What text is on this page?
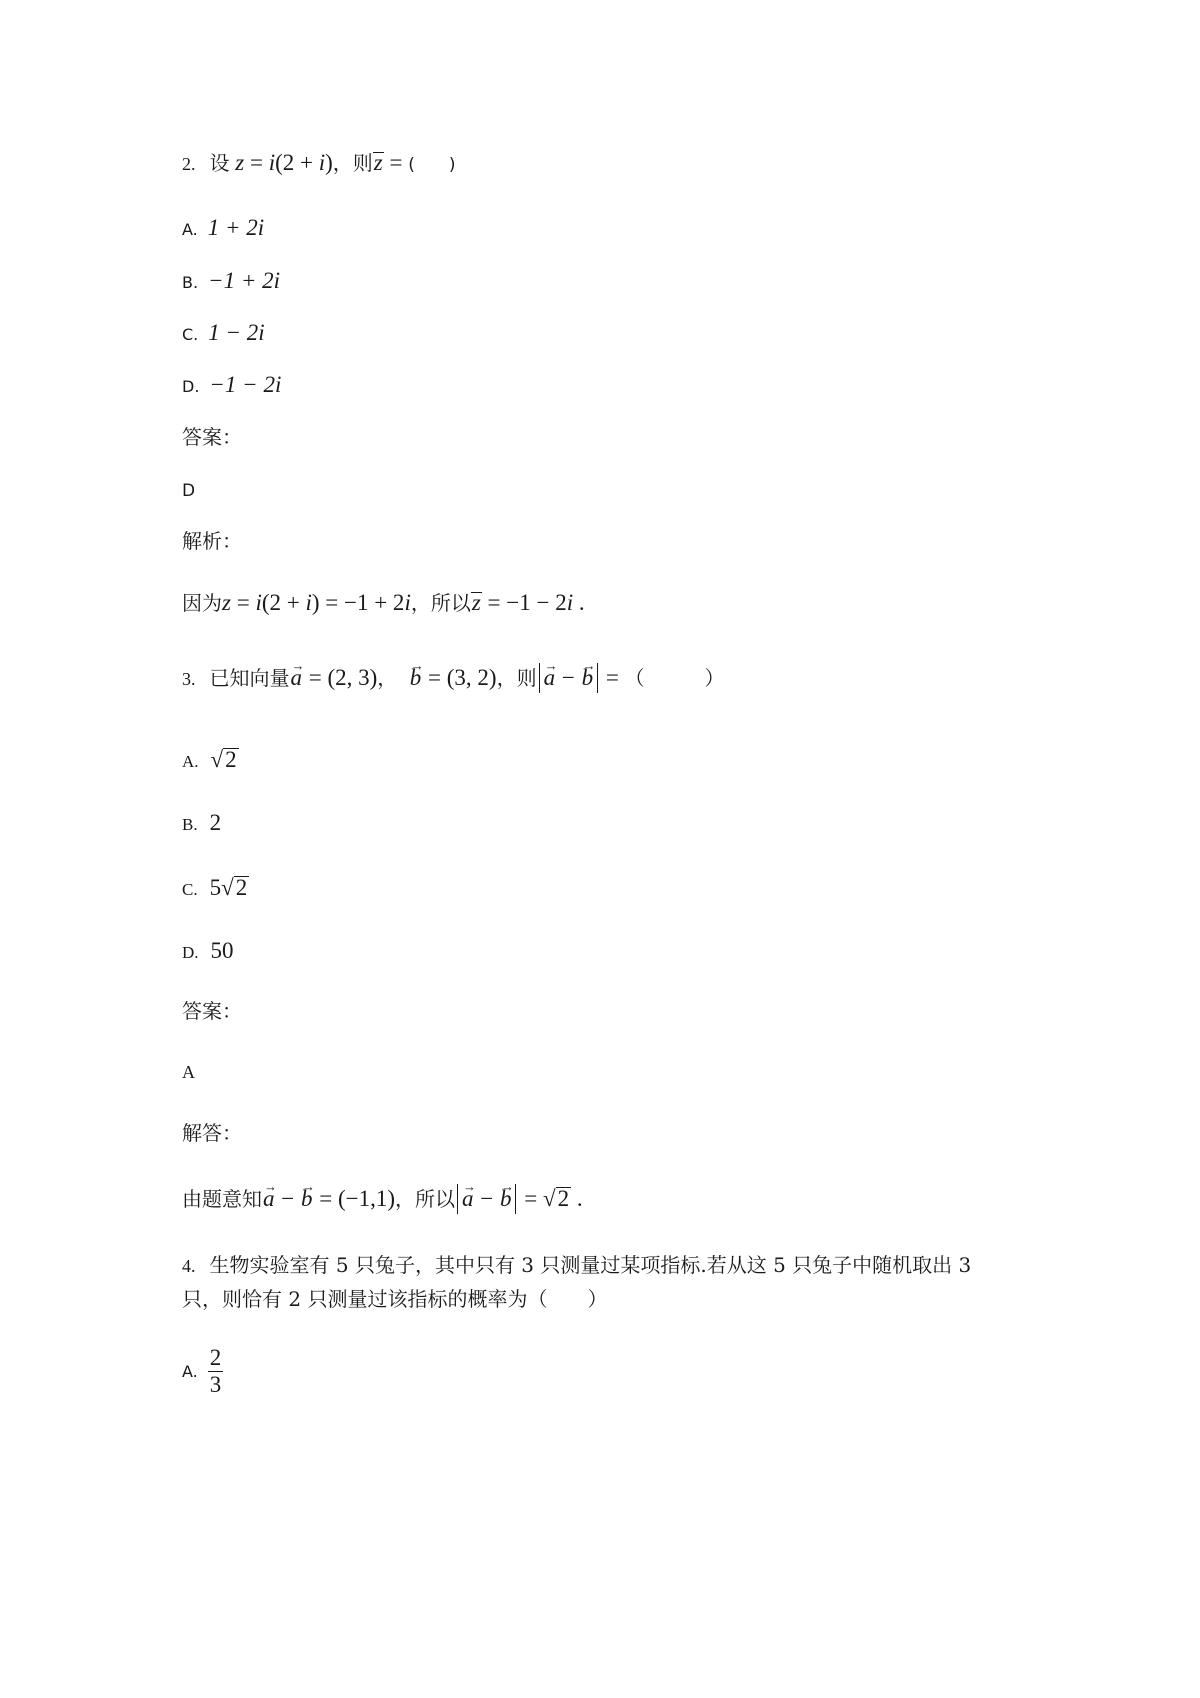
2. 设 z = i(2 + i)，则z = (　　)
A. 1 + 2i
B. −1 + 2i
C. 1 − 2i
D. −1 − 2i
答案：
D
解析：
因为z = i(2 + i) = −1 + 2i，所以z = −1 − 2i .
3. 已知向量→ a = (2, 3)， → b = (3, 2)，则 → a − → b = （　　　）
A. √2
B. 2
C. 5√2
D. 50
答案：
A
解答：
由题意知→ a − → b = (−1,1)，所以 → a − → b = √2 .
4. 生物实验室有 5 只兔子，其中只有 3 只测量过某项指标.若从这 5 只兔子中随机取出 3
只，则恰有 2 只测量过该指标的概率为（　　）
A. $\frac{2}{3}$
